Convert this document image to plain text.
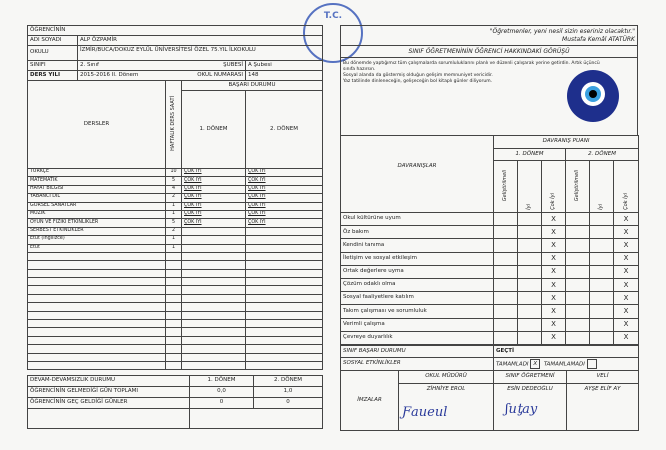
T.C.
ÖĞRENCİNİN				
ADI SOYADI	ALP ÖZPAMİR			
OKULU	İZMİR/BUCA/DOKUZ EYLÜL ÜNİVERSİTESİ ÖZEL 75.YIL İLKOKULU			
SINIFI	2. Sınıf ŞUBESİ			A Şubesi
DERS YILI	2015-2016 II. Dönem OKUL NUMARASI			148
DERSLER		HAFTALIK DERS SAATİ	BAŞARI DURUMU	
			1. DÖNEM	2. DÖNEM
TÜRKÇE		10	ÇOK İYİ	ÇOK İYİ
MATEMATİK		5	ÇOK İYİ	ÇOK İYİ
HAYAT BİLGİSİ		4	ÇOK İYİ	ÇOK İYİ
YABANCI DİL		2	ÇOK İYİ	ÇOK İYİ
GÖRSEL SANATLAR		1	ÇOK İYİ	ÇOK İYİ
MÜZİK		1	ÇOK İYİ	ÇOK İYİ
OYUN VE FİZİKİ ETKİNLİKLER		5	ÇOK İYİ	ÇOK İYİ
SERBEST ETKİNLİKLER		2		
Etüt (İngilizce)		1		
Etüt		1		

DEVAM-DEVAMSIZLIK DURUMU	1. DÖNEM	2. DÖNEM
ÖĞRENCİNİN GELMEDİĞİ GÜN TOPLAMI	0,0	1,0
ÖĞRENCİNİN GEÇ GELDİĞİ GÜNLER	0	0

"Öğretmenler, yeni nesil sizin eseriniz olacaktır."
Mustafa Kemâl ATATÜRK

SINIF ÖĞRETMENİNİN ÖĞRENCİ HAKKINDAKİ GÖRÜŞÜ

Bu dönemde yaptığımız tüm çalışmalarda sorumluluklarını planlı ve düzenli çalışarak yerine getirdin. Artık üçüncü
sınıfa hazırsın.
Sosyal alanda da göstermiş olduğun gelişim memnuniyet vericidir.
Yaz tatilinde dinleneceğin, gelişeceğin bol kitaplı günler diliyorum.
DAVRANIŞLAR	DAVRANIŞ PUANI					
	1. DÖNEM			2. DÖNEM		
	Geliştirilmeli	İyi	Çok İyi	Geliştirilmeli	İyi	Çok İyi
Okul kültürüne uyum			X			X
Öz bakım			X			X
Kendini tanıma			X			X
İletişim ve sosyal etkileşim			X			X
Ortak değerlere uyma			X			X
Çözüm odaklı olma			X			X
Sosyal faaliyetlere katılım			X			X
Takım çalışması ve sorumluluk			X			X
Verimli çalışma			X			X
Çevreye duyarlılık			X			X
SINIF BAŞARI DURUMU		GEÇTİ	
SOSYAL ETKİNLİKLER		TAMAMLADI X TAMAMLAMADI	
İMZALAR	OKUL MÜDÜRÜ	SINIF ÖĞRETMENİ	VELİ
	ZİHNİYE EROL	ESİN DEDEOĞLU	AYŞE ELİF AY
Ƒaueul	ʃuƫay
